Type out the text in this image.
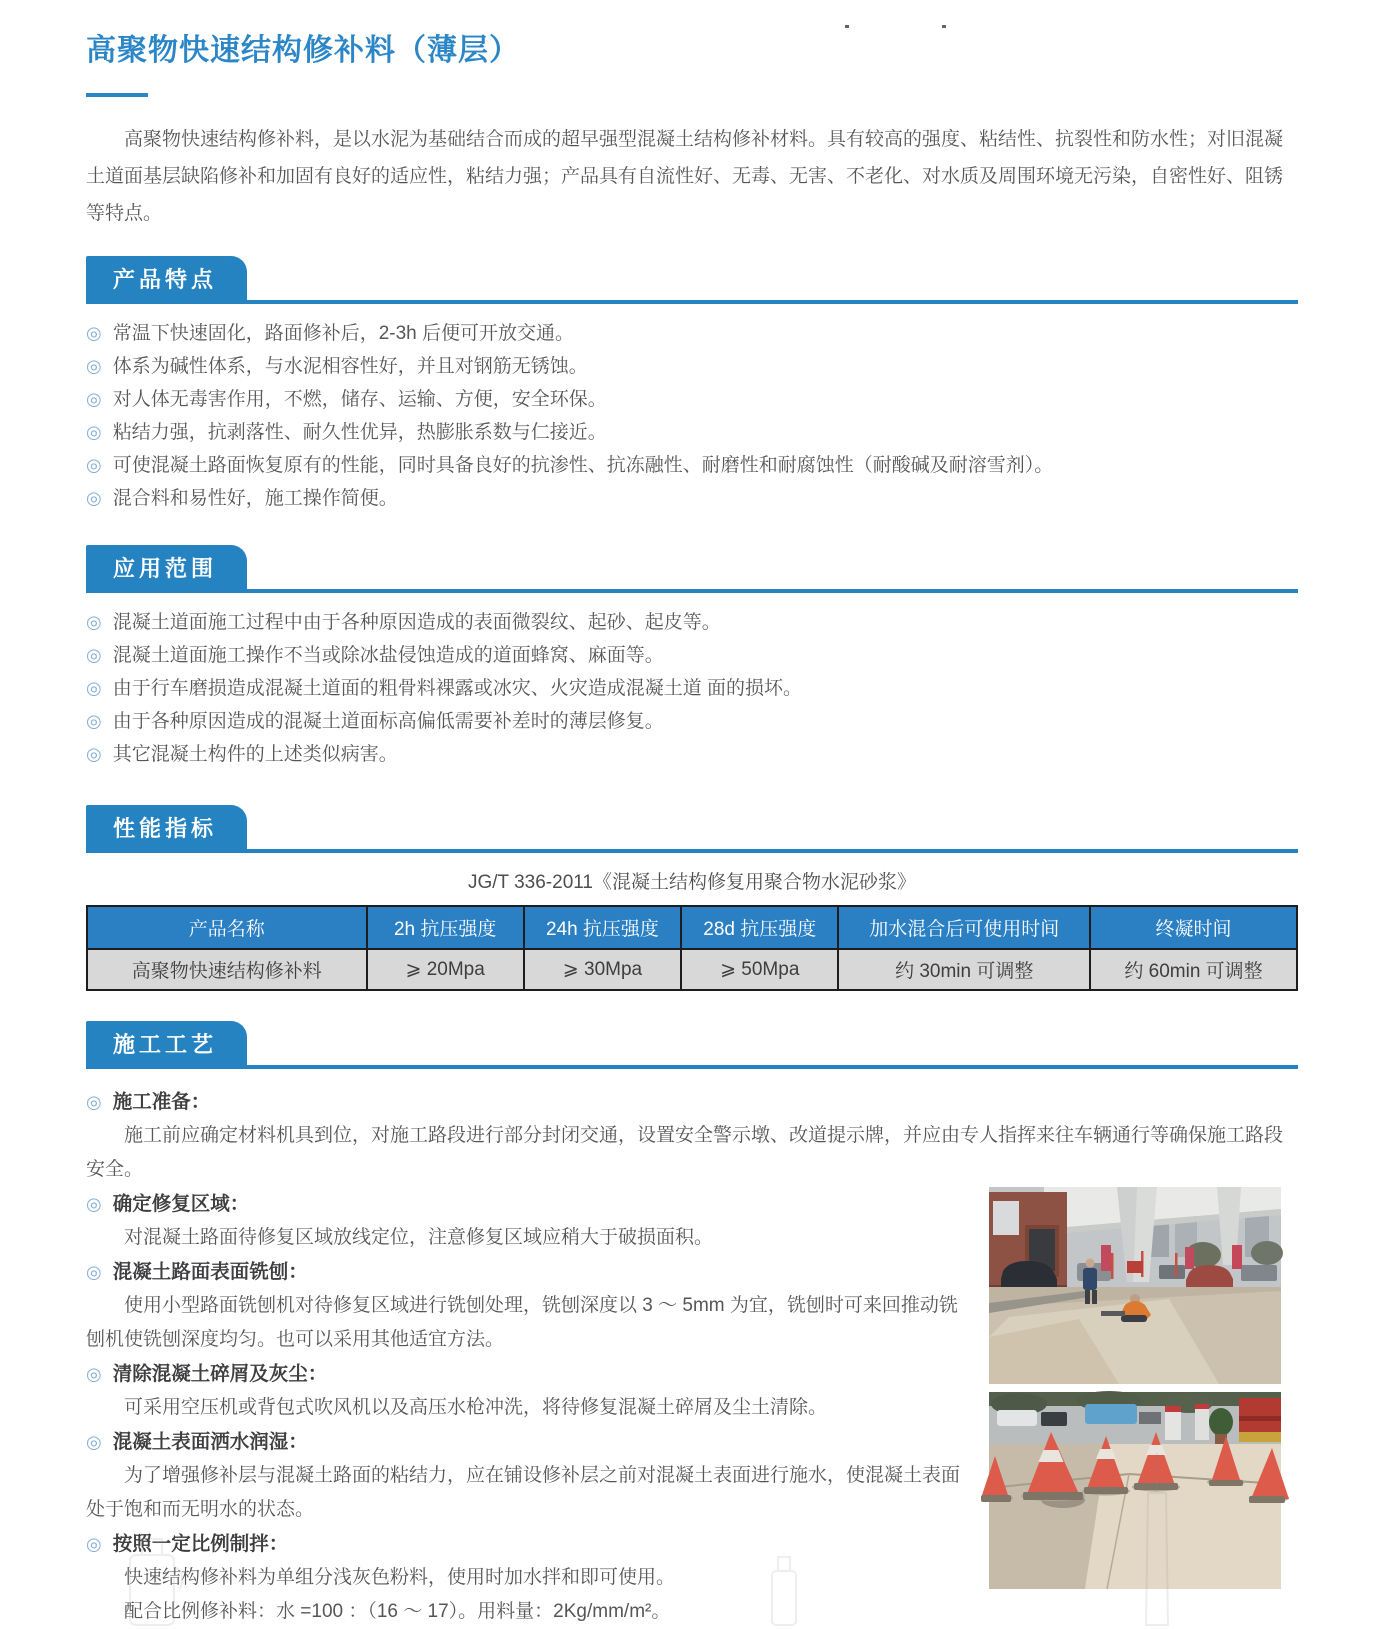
高聚物快速结构修补料（薄层）

高聚物快速结构修补料，是以水泥为基础结合而成的超早强型混凝土结构修补材料。具有较高的强度、粘结性、抗裂性和防水性；对旧混凝土道面基层缺陷修补和加固有良好的适应性，粘结力强；产品具有自流性好、无毒、无害、不老化、对水质及周围环境无污染，自密性好、阻锈等特点。

产品特点
◎ 常温下快速固化，路面修补后，2-3h 后便可开放交通。
◎ 体系为碱性体系，与水泥相容性好，并且对钢筋无锈蚀。
◎ 对人体无毒害作用，不燃，储存、运输、方便，安全环保。
◎ 粘结力强，抗剥落性、耐久性优异，热膨胀系数与仁接近。
◎ 可使混凝土路面恢复原有的性能，同时具备良好的抗渗性、抗冻融性、耐磨性和耐腐蚀性（耐酸碱及耐溶雪剂）。
◎ 混合料和易性好，施工操作简便。
应用范围
◎ 混凝土道面施工过程中由于各种原因造成的表面微裂纹、起砂、起皮等。
◎ 混凝土道面施工操作不当或除冰盐侵蚀造成的道面蜂窝、麻面等。
◎ 由于行车磨损造成混凝土道面的粗骨料裸露或冰灾、火灾造成混凝土道 面的损坏。
◎ 由于各种原因造成的混凝土道面标高偏低需要补差时的薄层修复。
◎ 其它混凝土构件的上述类似病害。
性能指标
JG/T 336-2011《混凝土结构修复用聚合物水泥砂浆》
产品名称	2h 抗压强度	24h 抗压强度	28d 抗压强度	加水混合后可使用时间	终凝时间
高聚物快速结构修补料	⩾ 20Mpa	⩾ 30Mpa	⩾ 50Mpa	约 30min 可调整	约 60min 可调整
施工工艺
◎ 施工准备：

施工前应确定材料机具到位，对施工路段进行部分封闭交通，设置安全警示墩、改道提示牌，并应由专人指挥来往车辆通行等确保施工路段安全。

◎ 确定修复区域：

对混凝土路面待修复区域放线定位，注意修复区域应稍大于破损面积。

◎ 混凝土路面表面铣刨：

使用小型路面铣刨机对待修复区域进行铣刨处理，铣刨深度以 3 ～ 5mm 为宜，铣刨时可来回推动铣刨机使铣刨深度均匀。也可以采用其他适宜方法。

◎ 清除混凝土碎屑及灰尘：

可采用空压机或背包式吹风机以及高压水枪冲洗，将待修复混凝土碎屑及尘土清除。

◎ 混凝土表面洒水润湿：

为了增强修补层与混凝土路面的粘结力，应在铺设修补层之前对混凝土表面进行施水，使混凝土表面处于饱和而无明水的状态。

◎ 按照一定比例制拌：

快速结构修补料为单组分浅灰色粉料，使用时加水拌和即可使用。

配合比例修补料：水 =100 ：（16 ～ 17）。用料量：2Kg/mm/m²。
